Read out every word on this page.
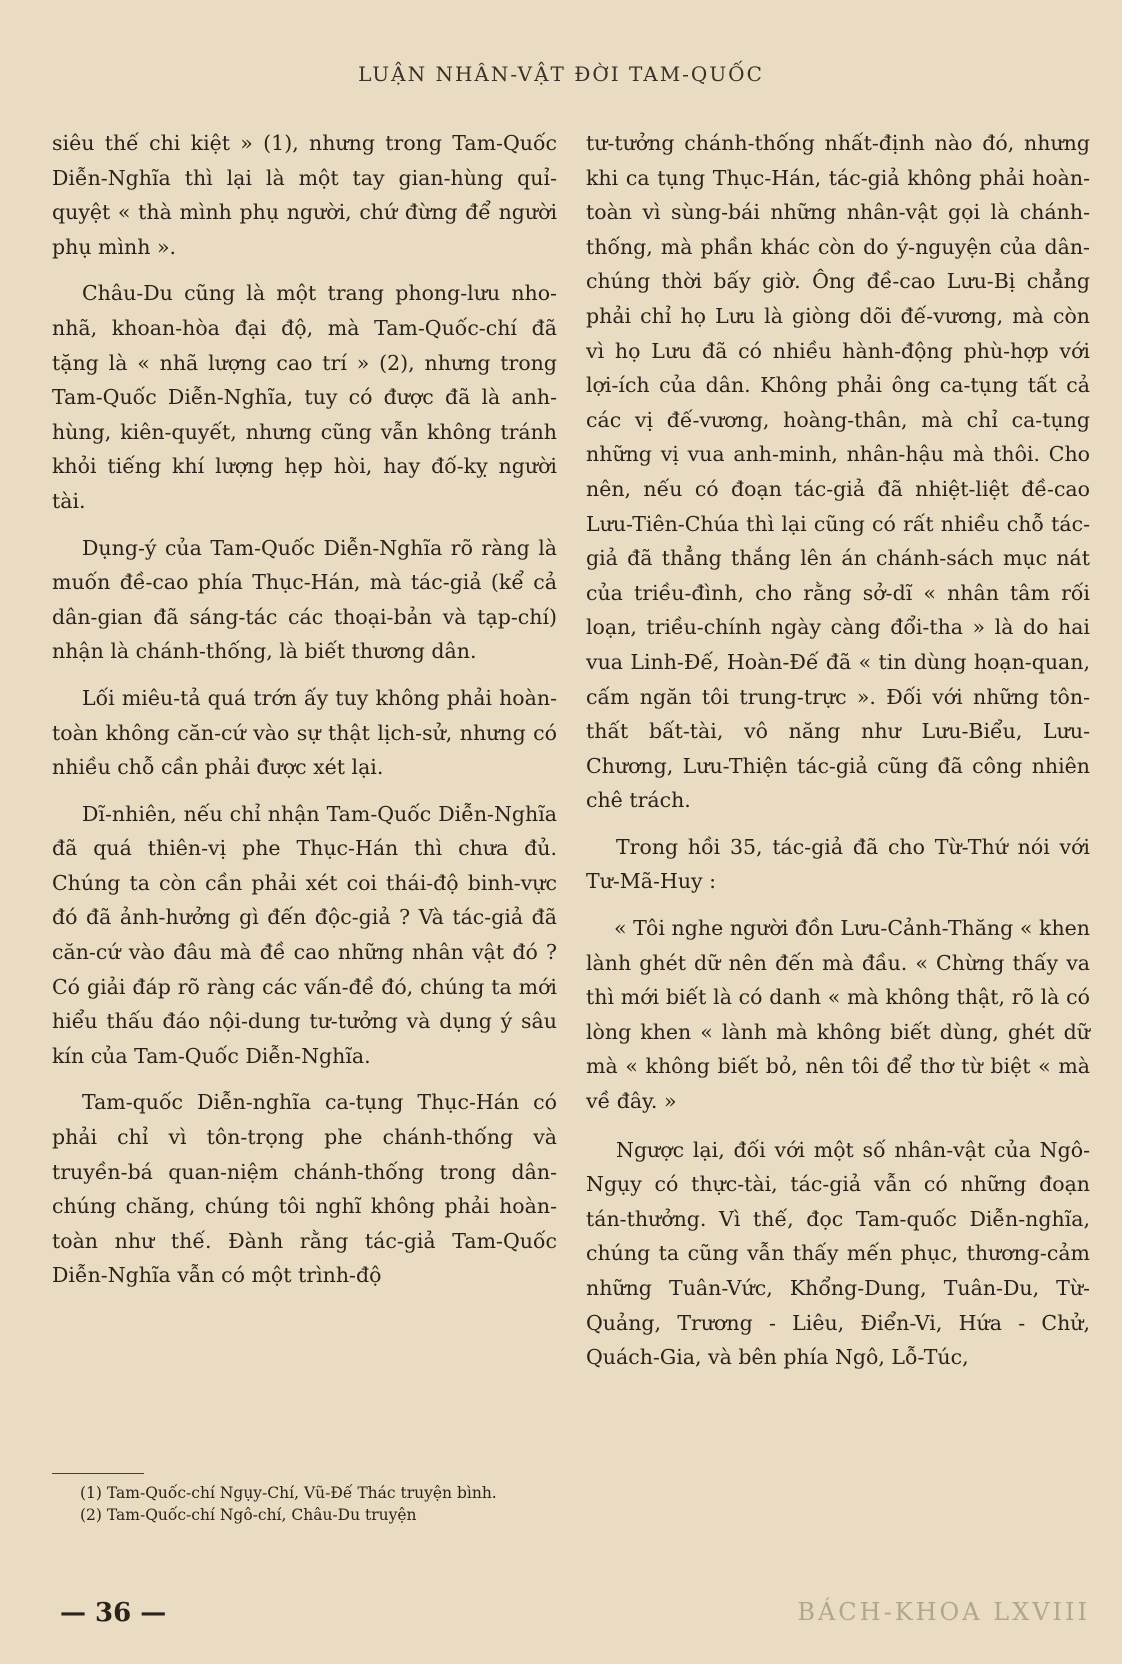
LUẬN NHÂN-VẬT ĐỜI TAM-QUỐC

siêu thế chi kiệt » (1), nhưng trong Tam-Quốc Diễn-Nghĩa thì lại là một tay gian-hùng quỉ-quyệt « thà mình phụ người, chứ đừng để người phụ mình ».

Châu-Du cũng là một trang phong-lưu nho-nhã, khoan-hòa đại độ, mà Tam-Quốc-chí đã tặng là « nhã lượng cao trí » (2), nhưng trong Tam-Quốc Diễn-Nghĩa, tuy có được đã là anh-hùng, kiên-quyết, nhưng cũng vẫn không tránh khỏi tiếng khí lượng hẹp hòi, hay đố-kỵ người tài.

Dụng-ý của Tam-Quốc Diễn-Nghĩa rõ ràng là muốn đề-cao phía Thục-Hán, mà tác-giả (kể cả dân-gian đã sáng-tác các thoại-bản và tạp-chí) nhận là chánh-thống, là biết thương dân.

Lối miêu-tả quá trớn ấy tuy không phải hoàn-toàn không căn-cứ vào sự thật lịch-sử, nhưng có nhiều chỗ cần phải được xét lại.

Dĩ-nhiên, nếu chỉ nhận Tam-Quốc Diễn-Nghĩa đã quá thiên-vị phe Thục-Hán thì chưa đủ. Chúng ta còn cần phải xét coi thái-độ binh-vực đó đã ảnh-hưởng gì đến độc-giả ? Và tác-giả đã căn-cứ vào đâu mà đề cao những nhân vật đó ? Có giải đáp rõ ràng các vấn-đề đó, chúng ta mới hiểu thấu đáo nội-dung tư-tưởng và dụng ý sâu kín của Tam-Quốc Diễn-Nghĩa.

Tam-quốc Diễn-nghĩa ca-tụng Thục-Hán có phải chỉ vì tôn-trọng phe chánh-thống và truyền-bá quan-niệm chánh-thống trong dân-chúng chăng, chúng tôi nghĩ không phải hoàn-toàn như thế. Đành rằng tác-giả Tam-Quốc Diễn-Nghĩa vẫn có một trình-độ

(1) Tam-Quốc-chí Ngụy-Chí, Vũ-Đế Thác truyện bình.

(2) Tam-Quốc-chí Ngô-chí, Châu-Du truyện

tư-tưởng chánh-thống nhất-định nào đó, nhưng khi ca tụng Thục-Hán, tác-giả không phải hoàn-toàn vì sùng-bái những nhân-vật gọi là chánh-thống, mà phần khác còn do ý-nguyện của dân-chúng thời bấy giờ. Ông đề-cao Lưu-Bị chẳng phải chỉ họ Lưu là giòng dõi đế-vương, mà còn vì họ Lưu đã có nhiều hành-động phù-hợp với lợi-ích của dân. Không phải ông ca-tụng tất cả các vị đế-vương, hoàng-thân, mà chỉ ca-tụng những vị vua anh-minh, nhân-hậu mà thôi. Cho nên, nếu có đoạn tác-giả đã nhiệt-liệt đề-cao Lưu-Tiên-Chúa thì lại cũng có rất nhiều chỗ tác-giả đã thẳng thắng lên án chánh-sách mục nát của triều-đình, cho rằng sở-dĩ « nhân tâm rối loạn, triều-chính ngày càng đổi-tha » là do hai vua Linh-Đế, Hoàn-Đế đã « tin dùng hoạn-quan, cấm ngăn tôi trung-trực ». Đối với những tôn-thất bất-tài, vô năng như Lưu-Biểu, Lưu-Chương, Lưu-Thiện tác-giả cũng đã công nhiên chê trách.

Trong hồi 35, tác-giả đã cho Từ-Thứ nói với Tư-Mã-Huy :

« Tôi nghe người đồn Lưu-Cảnh-Thăng « khen lành ghét dữ nên đến mà đầu. « Chừng thấy va thì mới biết là có danh « mà không thật, rõ là có lòng khen « lành mà không biết dùng, ghét dữ mà « không biết bỏ, nên tôi để thơ từ biệt « mà về đây. »

Ngược lại, đối với một số nhân-vật của Ngô-Ngụy có thực-tài, tác-giả vẫn có những đoạn tán-thưởng. Vì thế, đọc Tam-quốc Diễn-nghĩa, chúng ta cũng vẫn thấy mến phục, thương-cảm những Tuân-Vức, Khổng-Dung, Tuân-Du, Từ-Quảng, Trương - Liêu, Điển-Vi, Hứa - Chử, Quách-Gia, và bên phía Ngô, Lỗ-Túc,

— 36 —	BÁCH-KHOA LXVIII
